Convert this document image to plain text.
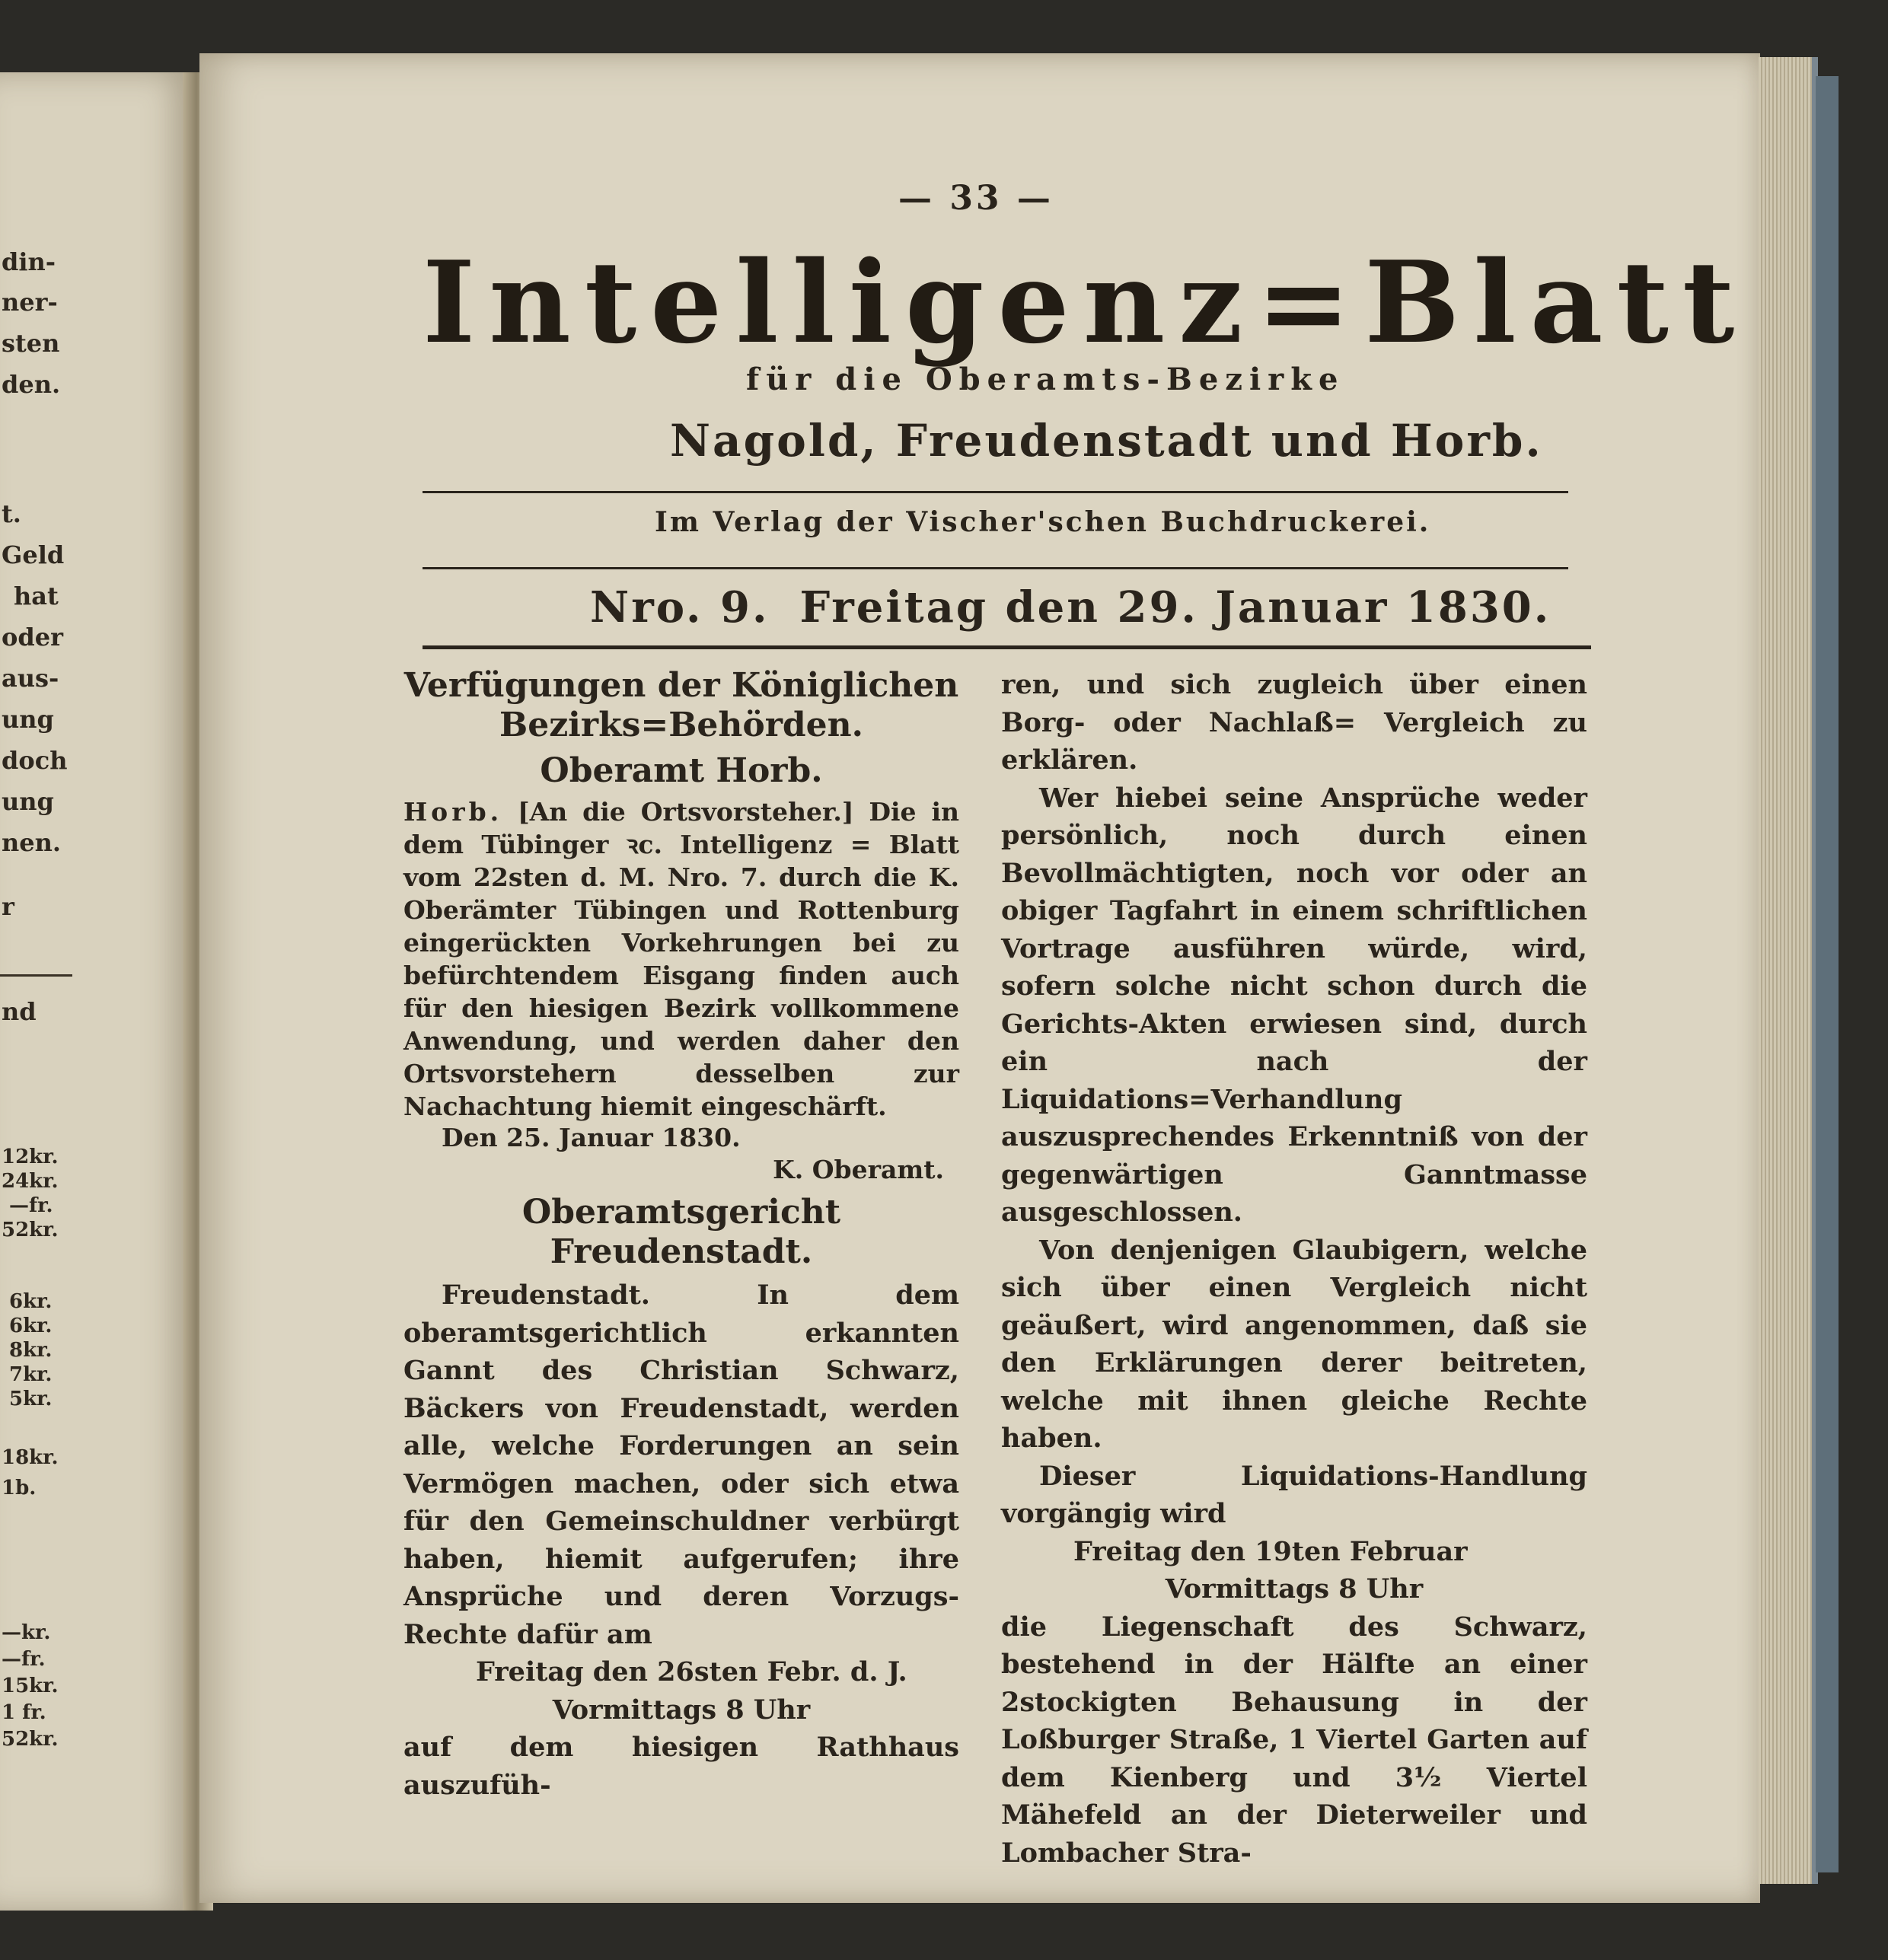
din-
ner-
sten
den.
t.
Geld
hat
oder
aus-
ung
doch
ung
nen.
r
nd
12kr.
24kr.
—fr.
52kr.
6kr.
6kr.
8kr.
7kr.
5kr.
18kr.
1b.
—kr.
—fr.
15kr.
1 fr.
52kr.
— 33 —
Intelligenz=Blatt
für die Oberamts-Bezirke
Nagold, Freudenstadt und Horb.
Im Verlag der Vischer'schen Buchdruckerei.
Nro. 9. Freitag den 29. Januar 1830.
Verfügungen der Königlichen Bezirks=Behörden.
Oberamt Horb.

Horb. [An die Ortsvorsteher.] Die in dem Tübinger ꝛc. Intelligenz = Blatt vom 22sten d. M. Nro. 7. durch die K. Oberämter Tübingen und Rottenburg eingerückten Vorkehrungen bei zu befürchtendem Eisgang finden auch für den hiesigen Bezirk vollkommene Anwendung, und werden daher den Ortsvorstehern desselben zur Nachachtung hiemit eingeschärft.

Den 25. Januar 1830.

K. Oberamt.

Oberamtsgericht Freudenstadt.

Freudenstadt.	In dem oberamtsgerichtlich erkannten Gannt des Christian Schwarz, Bäckers von Freudenstadt, werden alle, welche Forderungen an sein Vermögen machen, oder sich etwa für den Gemeinschuldner verbürgt haben, hiemit aufgerufen; ihre Ansprüche und deren Vorzugs-Rechte dafür am

Freitag den 26sten Febr. d. J.

Vormittags 8 Uhr

auf dem hiesigen Rathhaus auszufüh-

ren, und sich zugleich über einen Borg- oder Nachlaß= Vergleich zu erklären.

Wer hiebei seine Ansprüche weder persönlich, noch durch einen Bevollmächtigten, noch vor oder an obiger Tagfahrt in einem schriftlichen Vortrage ausführen würde, wird, sofern solche nicht schon durch die Gerichts-Akten erwiesen sind, durch ein nach der Liquidations=Verhandlung auszusprechendes Erkenntniß von der gegenwärtigen Ganntmasse ausgeschlossen.

Von denjenigen Glaubigern, welche sich über einen Vergleich nicht geäußert, wird angenommen, daß sie den Erklärungen derer beitreten, welche mit ihnen gleiche Rechte haben.

Dieser Liquidations-Handlung vorgängig wird

Freitag den 19ten Februar

Vormittags 8 Uhr

die Liegenschaft des Schwarz, bestehend in der Hälfte an einer 2stockigten Behausung in der Loßburger Straße, 1 Viertel Garten auf dem Kienberg und 3½ Viertel Mähefeld an der Dieterweiler und Lombacher Stra-
